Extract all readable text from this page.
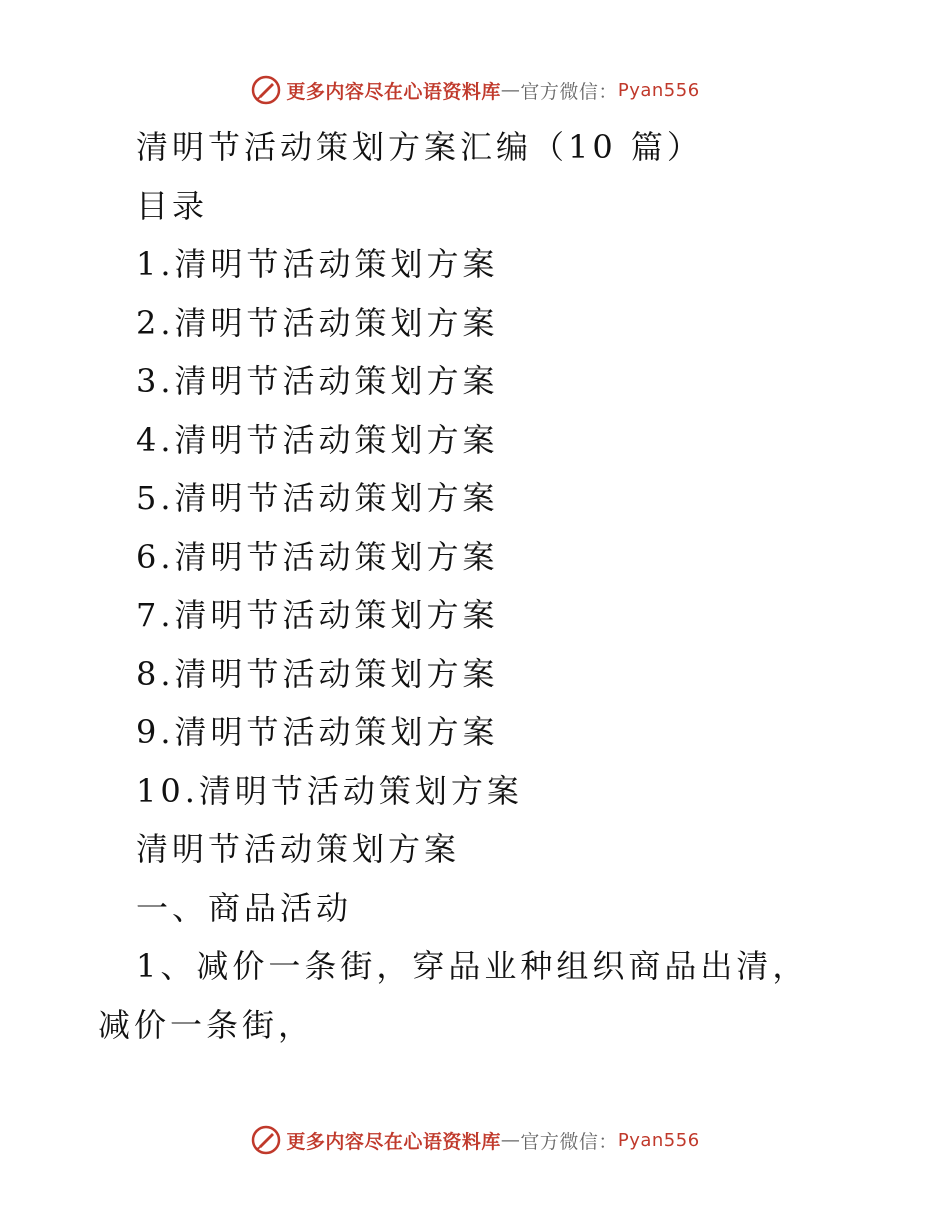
更多内容尽在心语资料库 — 官方微信： Pyan556
清明节活动策划方案汇编（10 篇）
目录
1.清明节活动策划方案
2.清明节活动策划方案
3.清明节活动策划方案
4.清明节活动策划方案
5.清明节活动策划方案
6.清明节活动策划方案
7.清明节活动策划方案
8.清明节活动策划方案
9.清明节活动策划方案
10.清明节活动策划方案
清明节活动策划方案
一、商品活动
1、减价一条街，穿品业种组织商品出清，减价一条街，
更多内容尽在心语资料库 — 官方微信： Pyan556
